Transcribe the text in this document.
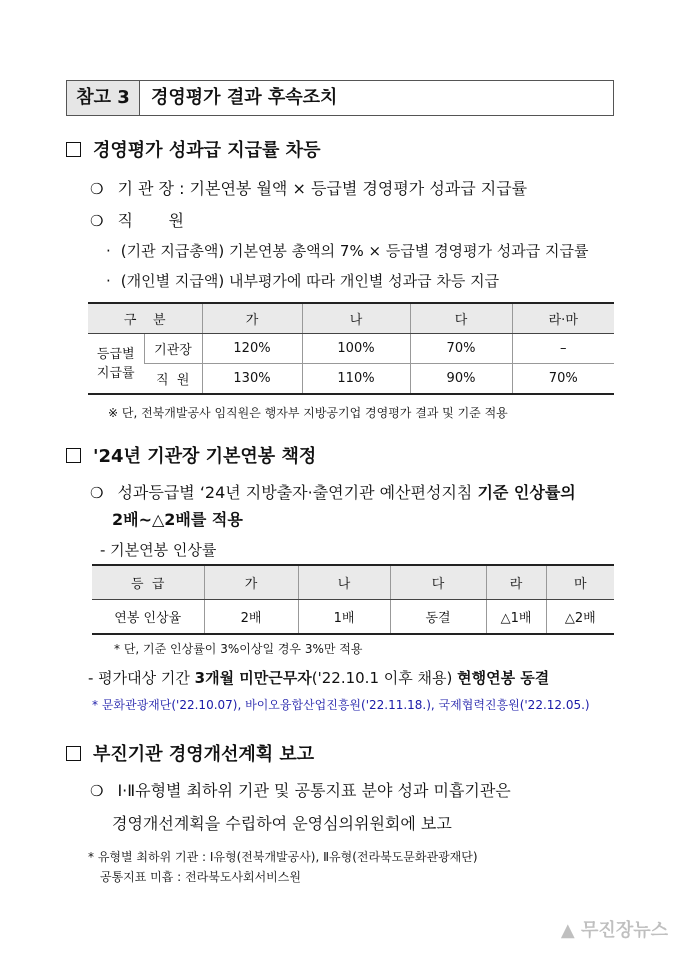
참고 3	경영평가 결과 후속조치
경영평가 성과급 지급률 차등
❍ 기 관 장 : 기본연봉 월액 × 등급별 경영평가 성과급 지급률
❍ 직       원
· (기관 지급총액) 기본연봉 총액의 7% × 등급별 경영평가 성과급 지급률
· (개인별 지급액) 내부평가에 따라 개인별 성과급 차등 지급
구    분		가	나	다	라·마
등급별
지급률	기관장	120%	100%	70%	–
	직  원	130%	110%	90%	70%
※ 단, 전북개발공사 임직원은 행자부 지방공기업 경영평가 결과 및 기준 적용
'24년 기관장 기본연봉 책정
❍ 성과등급별 ‘24년 지방출자·출연기관 예산편성지침 기준 인상률의
2배~△2배를 적용
- 기본연봉 인상률
등  급	가	나	다	라	마
연봉 인상율	2배	1배	동결	△1배	△2배
* 단, 기준 인상률이 3%이상일 경우 3%만 적용
- 평가대상 기간 3개월 미만근무자('22.10.1 이후 채용) 현행연봉 동결
* 문화관광재단('22.10.07), 바이오융합산업진흥원('22.11.18.), 국제협력진흥원('22.12.05.)
부진기관 경영개선계획 보고
❍ Ⅰ·Ⅱ유형별 최하위 기관 및 공통지표 분야 성과 미흡기관은
경영개선계획을 수립하여 운영심의위원회에 보고
* 유형별 최하위 기관 : Ⅰ유형(전북개발공사), Ⅱ유형(전라북도문화관광재단)
공통지표 미흡 : 전라북도사회서비스원
▲ 무진장뉴스
